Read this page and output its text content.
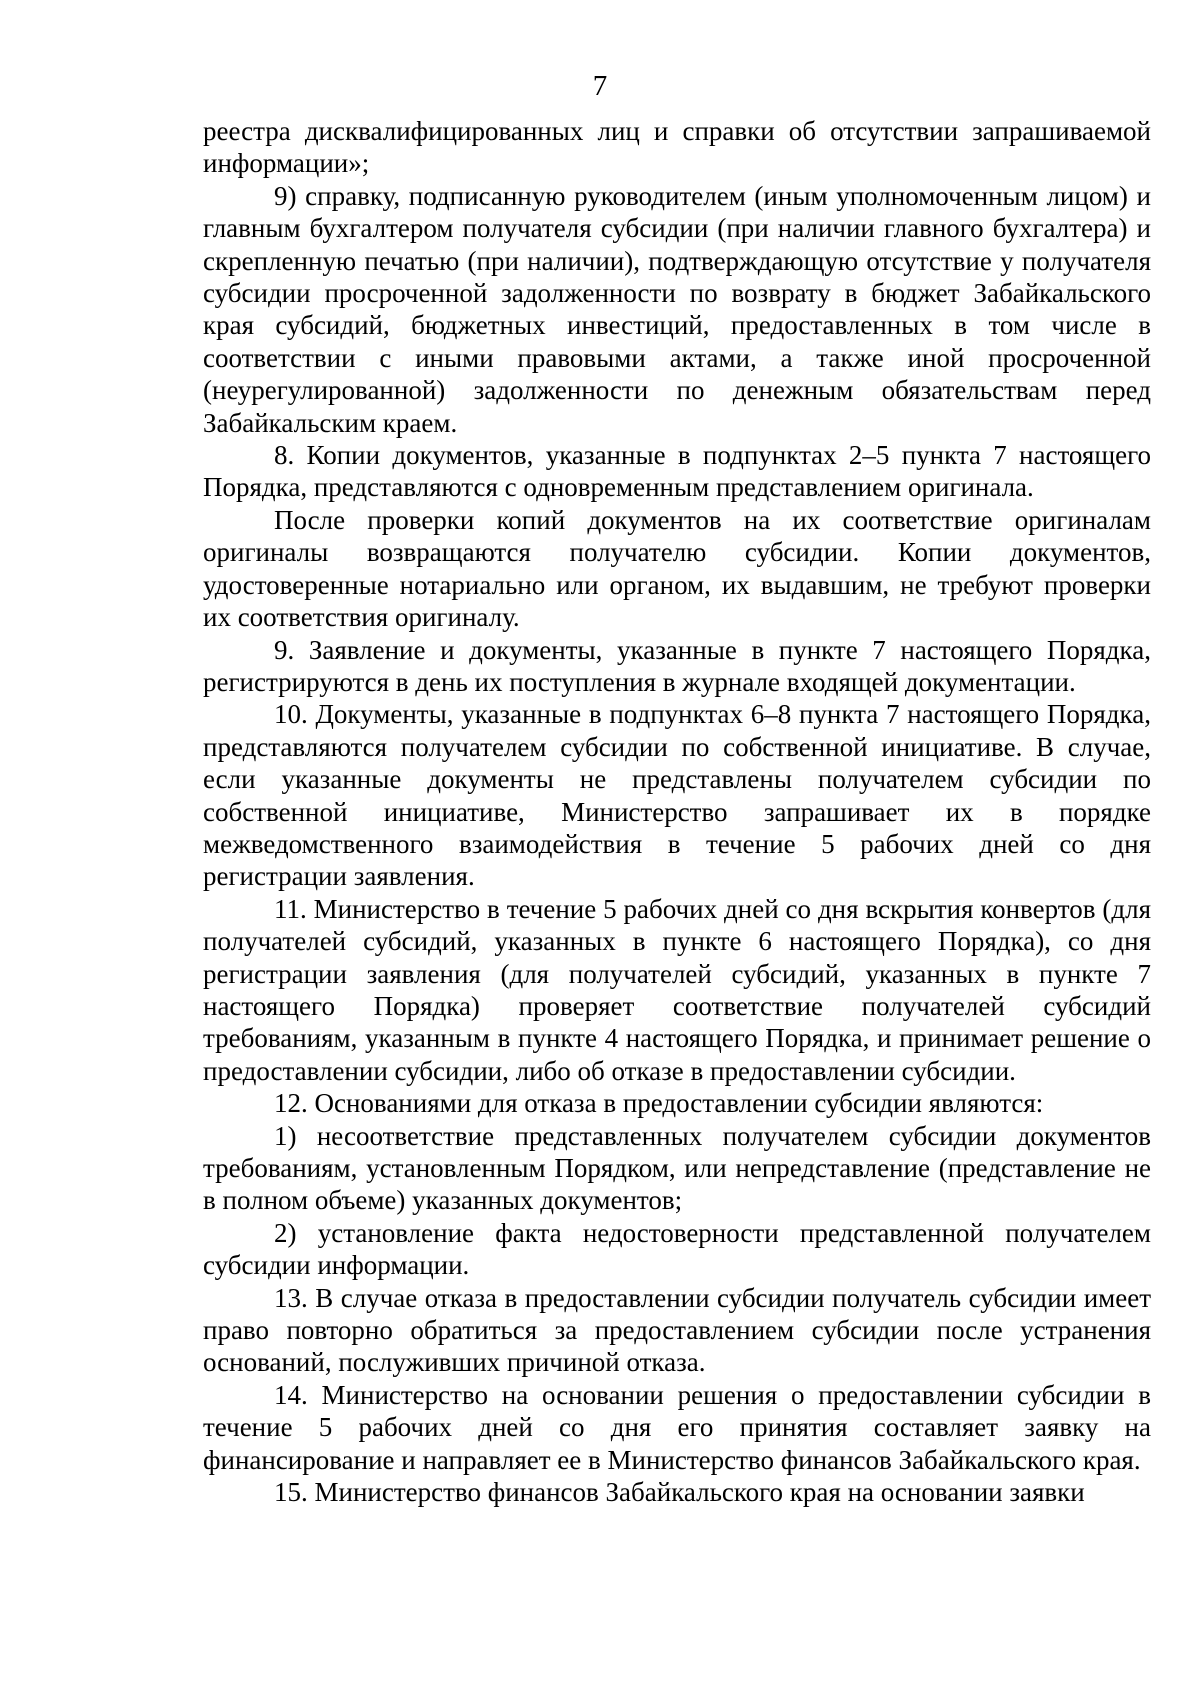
7

реестра дисквалифицированных лиц и справки об отсутствии запрашиваемой информации»;

9) справку, подписанную руководителем (иным уполномоченным лицом) и главным бухгалтером получателя субсидии (при наличии главного бухгалтера) и скрепленную печатью (при наличии), подтверждающую отсутствие у получателя субсидии просроченной задолженности по возврату в бюджет Забайкальского края субсидий, бюджетных инвестиций, предоставленных в том числе в соответствии с иными правовыми актами, а также иной просроченной (неурегулированной) задолженности по денежным обязательствам перед Забайкальским краем.

8. Копии документов, указанные в подпунктах 2–5 пункта 7 настоящего Порядка, представляются с одновременным представлением оригинала.

После проверки копий документов на их соответствие оригиналам оригиналы возвращаются получателю субсидии. Копии документов, удостоверенные нотариально или органом, их выдавшим, не требуют проверки их соответствия оригиналу.

9. Заявление и документы, указанные в пункте 7 настоящего Порядка, регистрируются в день их поступления в журнале входящей документации.

10. Документы, указанные в подпунктах 6–8 пункта 7 настоящего Порядка, представляются получателем субсидии по собственной инициативе. В случае, если указанные документы не представлены получателем субсидии по собственной инициативе, Министерство запрашивает их в порядке межведомственного взаимодействия в течение 5 рабочих дней со дня регистрации заявления.

11. Министерство в течение 5 рабочих дней со дня вскрытия конвертов (для получателей субсидий, указанных в пункте 6 настоящего Порядка), со дня регистрации заявления (для получателей субсидий, указанных в пункте 7 настоящего Порядка) проверяет соответствие получателей субсидий требованиям, указанным в пункте 4 настоящего Порядка, и принимает решение о предоставлении субсидии, либо об отказе в предоставлении субсидии.

12. Основаниями для отказа в предоставлении субсидии являются:

1) несоответствие представленных получателем субсидии документов требованиям, установленным Порядком, или непредставление (представление не в полном объеме) указанных документов;

2) установление факта недостоверности представленной получателем субсидии информации.

13. В случае отказа в предоставлении субсидии получатель субсидии имеет право повторно обратиться за предоставлением субсидии после устранения оснований, послуживших причиной отказа.

14. Министерство на основании решения о предоставлении субсидии в течение 5 рабочих дней со дня его принятия составляет заявку на финансирование и направляет ее в Министерство финансов Забайкальского края.

15. Министерство финансов Забайкальского края на основании заявки
